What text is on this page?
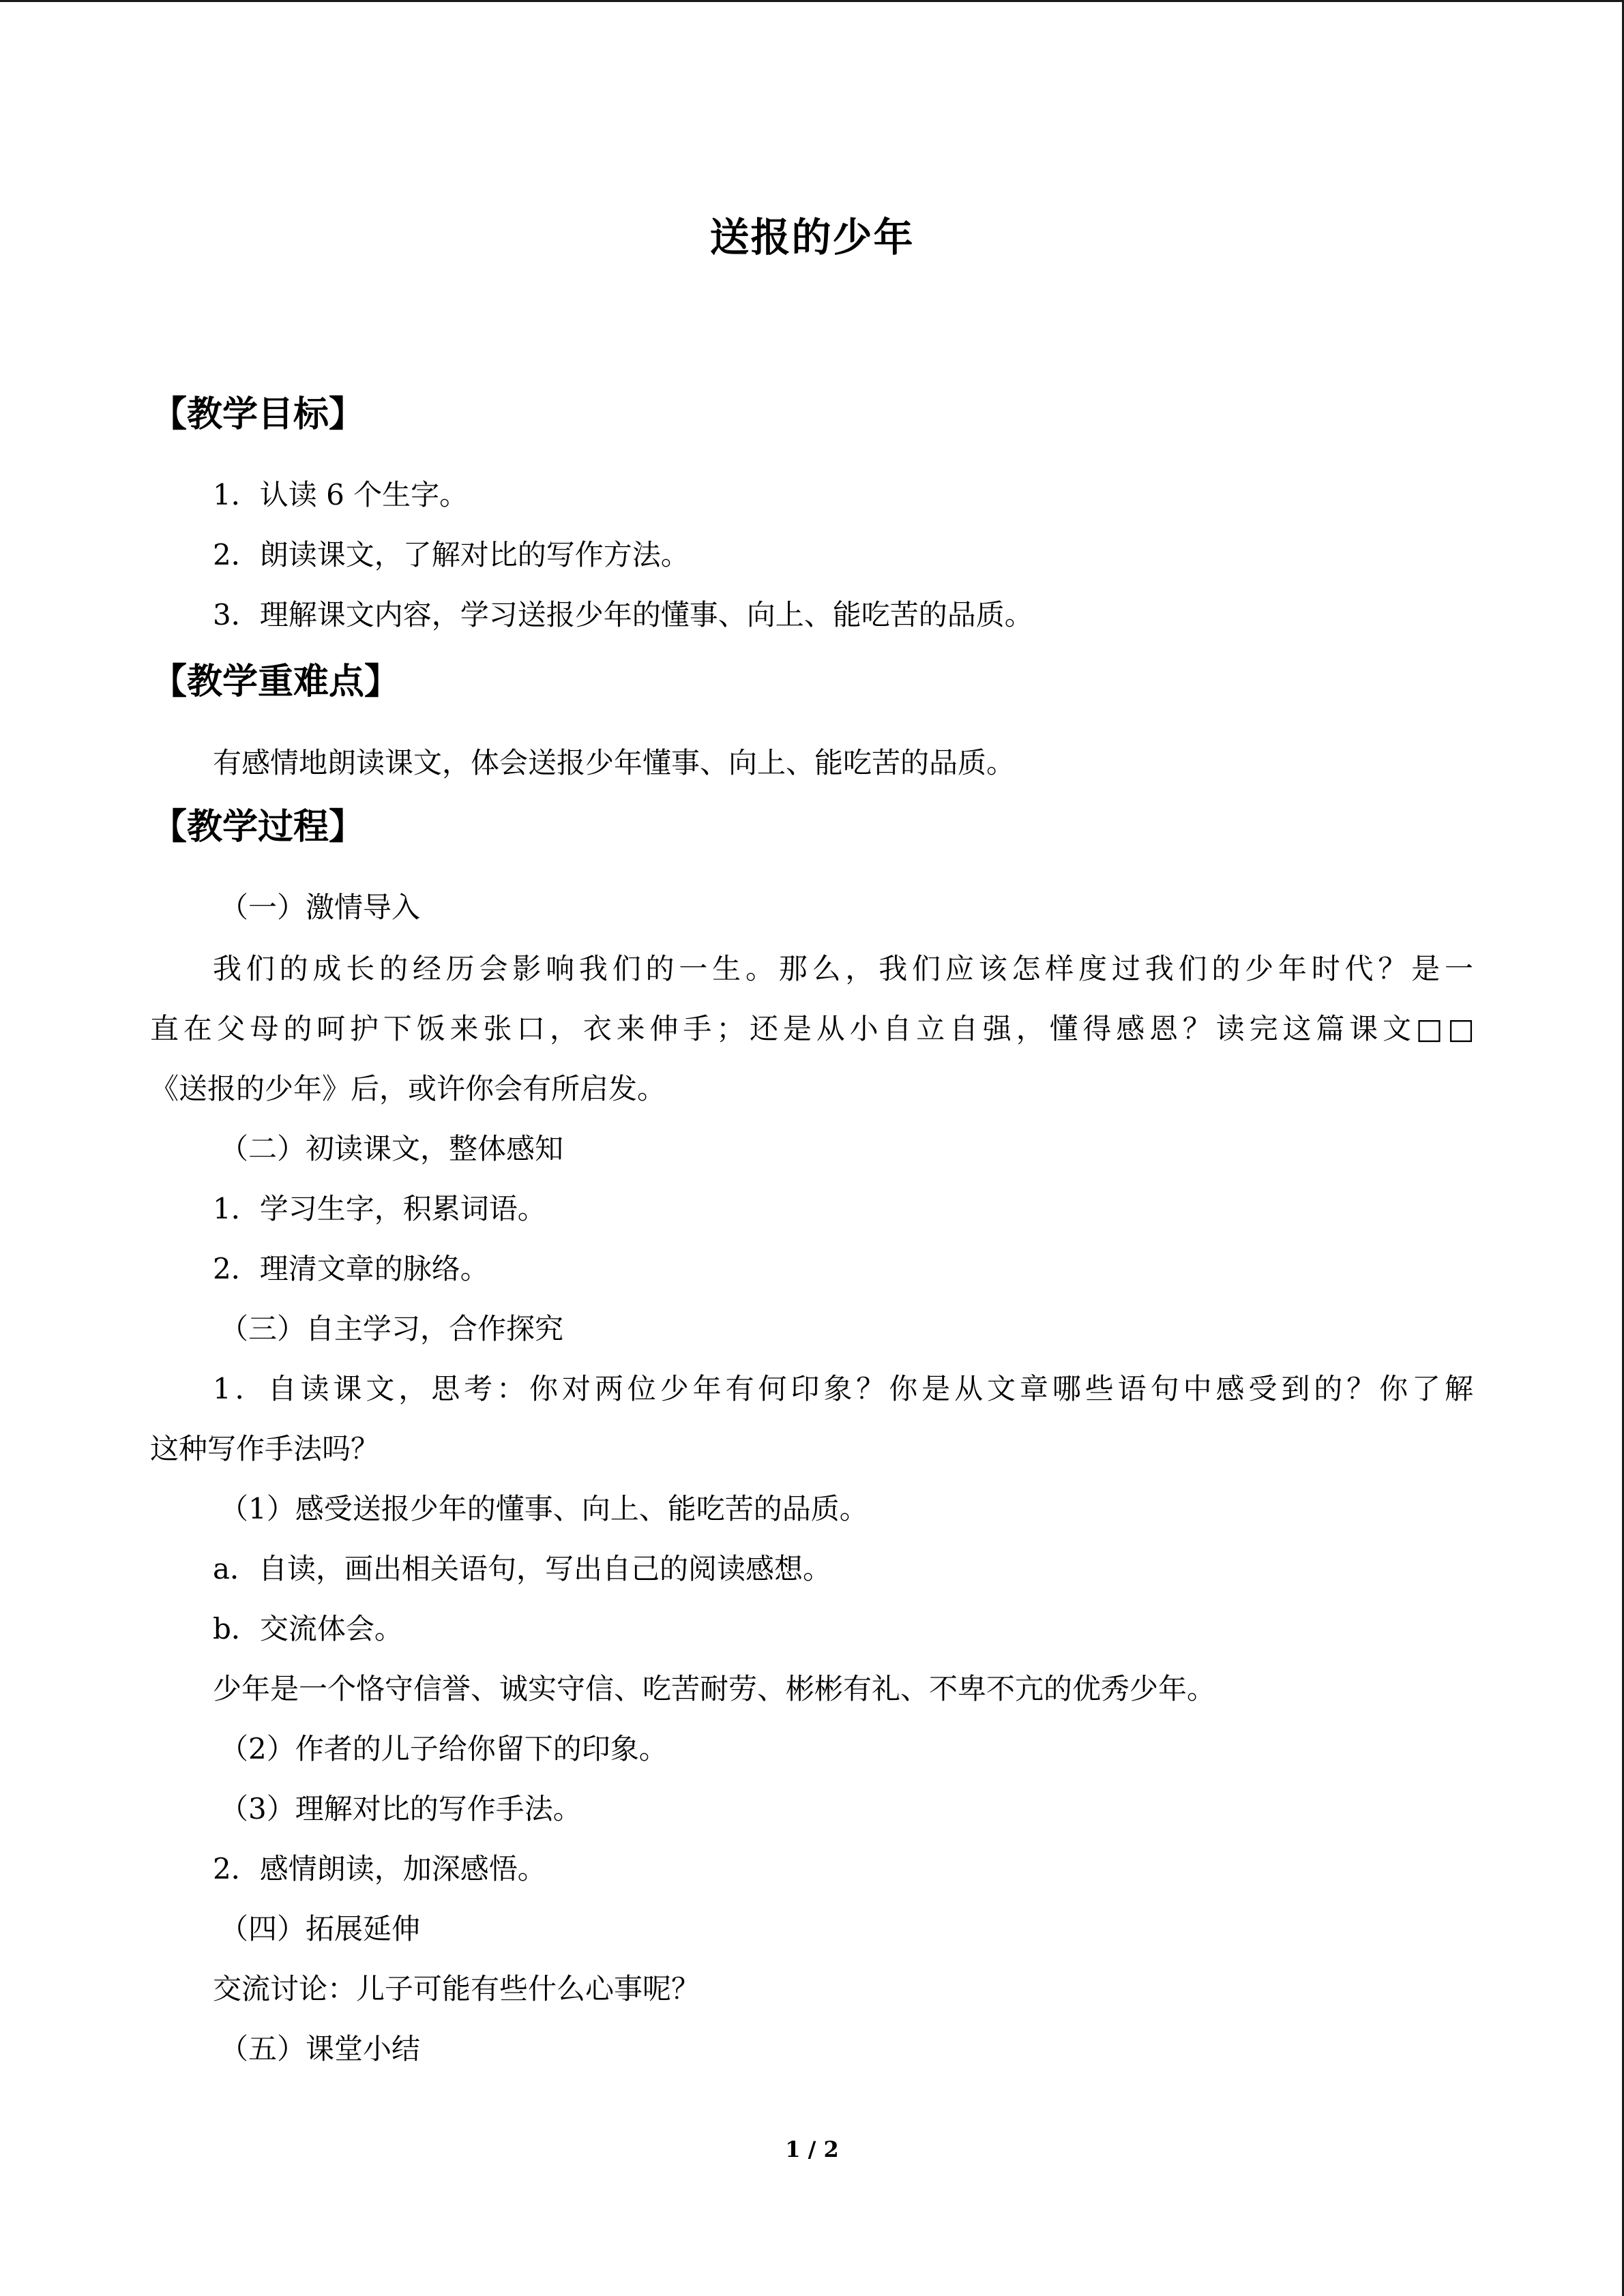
送报的少年
【教学目标】
1．认读 6 个生字。
2．朗读课文，了解对比的写作方法。
3．理解课文内容，学习送报少年的懂事、向上、能吃苦的品质。
【教学重难点】
有感情地朗读课文，体会送报少年懂事、向上、能吃苦的品质。
【教学过程】
（一）激情导入
我们的成长的经历会影响我们的一生。那么，我们应该怎样度过我们的少年时代？是一
直在父母的呵护下饭来张口，衣来伸手；还是从小自立自强，懂得感恩？读完这篇课文□□
《送报的少年》后，或许你会有所启发。
（二）初读课文，整体感知
1．学习生字，积累词语。
2．理清文章的脉络。
（三）自主学习，合作探究
1．自读课文，思考：你对两位少年有何印象？你是从文章哪些语句中感受到的？你了解
这种写作手法吗？
（1）感受送报少年的懂事、向上、能吃苦的品质。
a．自读，画出相关语句，写出自己的阅读感想。
b．交流体会。
少年是一个恪守信誉、诚实守信、吃苦耐劳、彬彬有礼、不卑不亢的优秀少年。
（2）作者的儿子给你留下的印象。
（3）理解对比的写作手法。
2．感情朗读，加深感悟。
（四）拓展延伸
交流讨论：儿子可能有些什么心事呢？
（五）课堂小结
1 / 2
